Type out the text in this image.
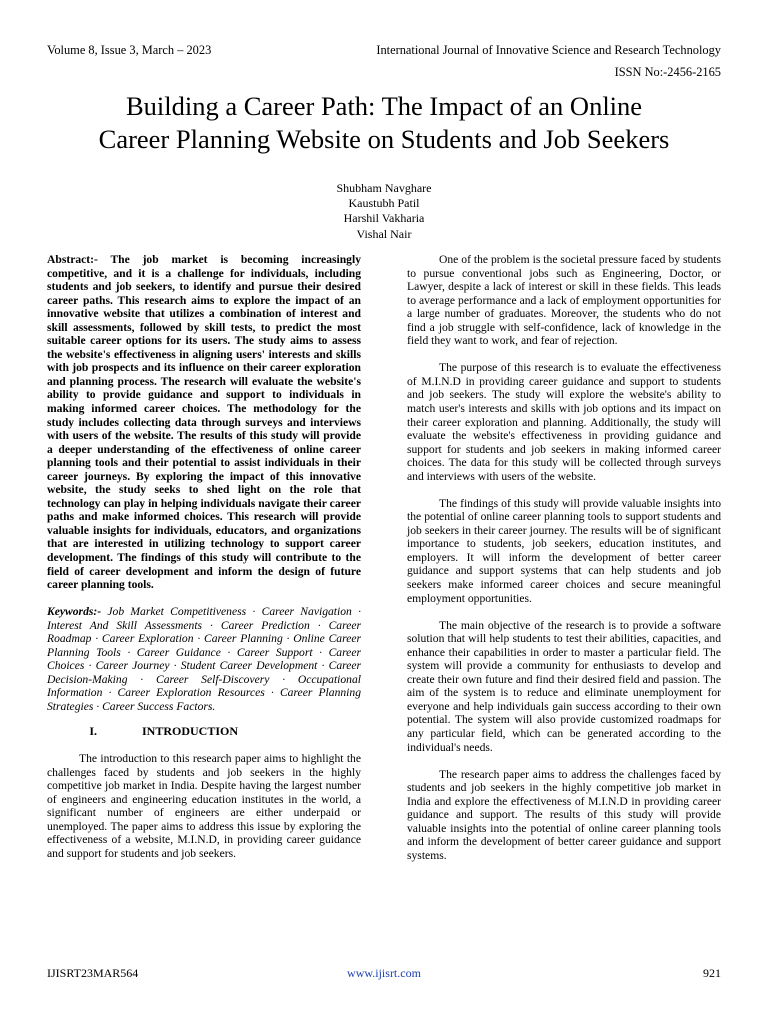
Volume 8, Issue 3, March – 2023	International Journal of Innovative Science and Research Technology
ISSN No:-2456-2165
Building a Career Path: The Impact of an Online
Career Planning Website on Students and Job Seekers
Shubham Navghare
Kaustubh Patil
Harshil Vakharia
Vishal Nair

Abstract:- The job market is becoming increasingly competitive, and it is a challenge for individuals, including students and job seekers, to identify and pursue their desired career paths. This research aims to explore the impact of an innovative website that utilizes a combination of interest and skill assessments, followed by skill tests, to predict the most suitable career options for its users. The study aims to assess the website's effectiveness in aligning users' interests and skills with job prospects and its influence on their career exploration and planning process. The research will evaluate the website's ability to provide guidance and support to individuals in making informed career choices. The methodology for the study includes collecting data through surveys and interviews with users of the website. The results of this study will provide a deeper understanding of the effectiveness of online career planning tools and their potential to assist individuals in their career journeys. By exploring the impact of this innovative website, the study seeks to shed light on the role that technology can play in helping individuals navigate their career paths and make informed choices. This research will provide valuable insights for individuals, educators, and organizations that are interested in utilizing technology to support career development. The findings of this study will contribute to the field of career development and inform the design of future career planning tools.

Keywords:- Job Market Competitiveness · Career Navigation · Interest And Skill Assessments · Career Prediction · Career Roadmap · Career Exploration · Career Planning · Online Career Planning Tools · Career Guidance · Career Support · Career Choices · Career Journey · Student Career Development · Career Decision-Making · Career Self-Discovery · Occupational Information · Career Exploration Resources · Career Planning Strategies · Career Success Factors.

I.	INTRODUCTION

The introduction to this research paper aims to highlight the challenges faced by students and job seekers in the highly competitive job market in India. Despite having the largest number of engineers and engineering education institutes in the world, a significant number of engineers are either underpaid or unemployed. The paper aims to address this issue by exploring the effectiveness of a website, M.I.N.D, in providing career guidance and support for students and job seekers.

One of the problem is the societal pressure faced by students to pursue conventional jobs such as Engineering, Doctor, or Lawyer, despite a lack of interest or skill in these fields. This leads to average performance and a lack of employment opportunities for a large number of graduates. Moreover, the students who do not find a job struggle with self-confidence, lack of knowledge in the field they want to work, and fear of rejection.

The purpose of this research is to evaluate the effectiveness of M.I.N.D in providing career guidance and support to students and job seekers. The study will explore the website's ability to match user's interests and skills with job options and its impact on their career exploration and planning. Additionally, the study will evaluate the website's effectiveness in providing guidance and support for students and job seekers in making informed career choices. The data for this study will be collected through surveys and interviews with users of the website.

The findings of this study will provide valuable insights into the potential of online career planning tools to support students and job seekers in their career journey. The results will be of significant importance to students, job seekers, education institutes, and employers. It will inform the development of better career guidance and support systems that can help students and job seekers make informed career choices and secure meaningful employment opportunities.

The main objective of the research is to provide a software solution that will help students to test their abilities, capacities, and enhance their capabilities in order to master a particular field. The system will provide a community for enthusiasts to develop and create their own future and find their desired field and passion. The aim of the system is to reduce and eliminate unemployment for everyone and help individuals gain success according to their own potential. The system will also provide customized roadmaps for any particular field, which can be generated according to the individual's needs.

The research paper aims to address the challenges faced by students and job seekers in the highly competitive job market in India and explore the effectiveness of M.I.N.D in providing career guidance and support. The results of this study will provide valuable insights into the potential of online career planning tools and inform the development of better career guidance and support systems.

IJISRT23MAR564	www.ijisrt.com	921
